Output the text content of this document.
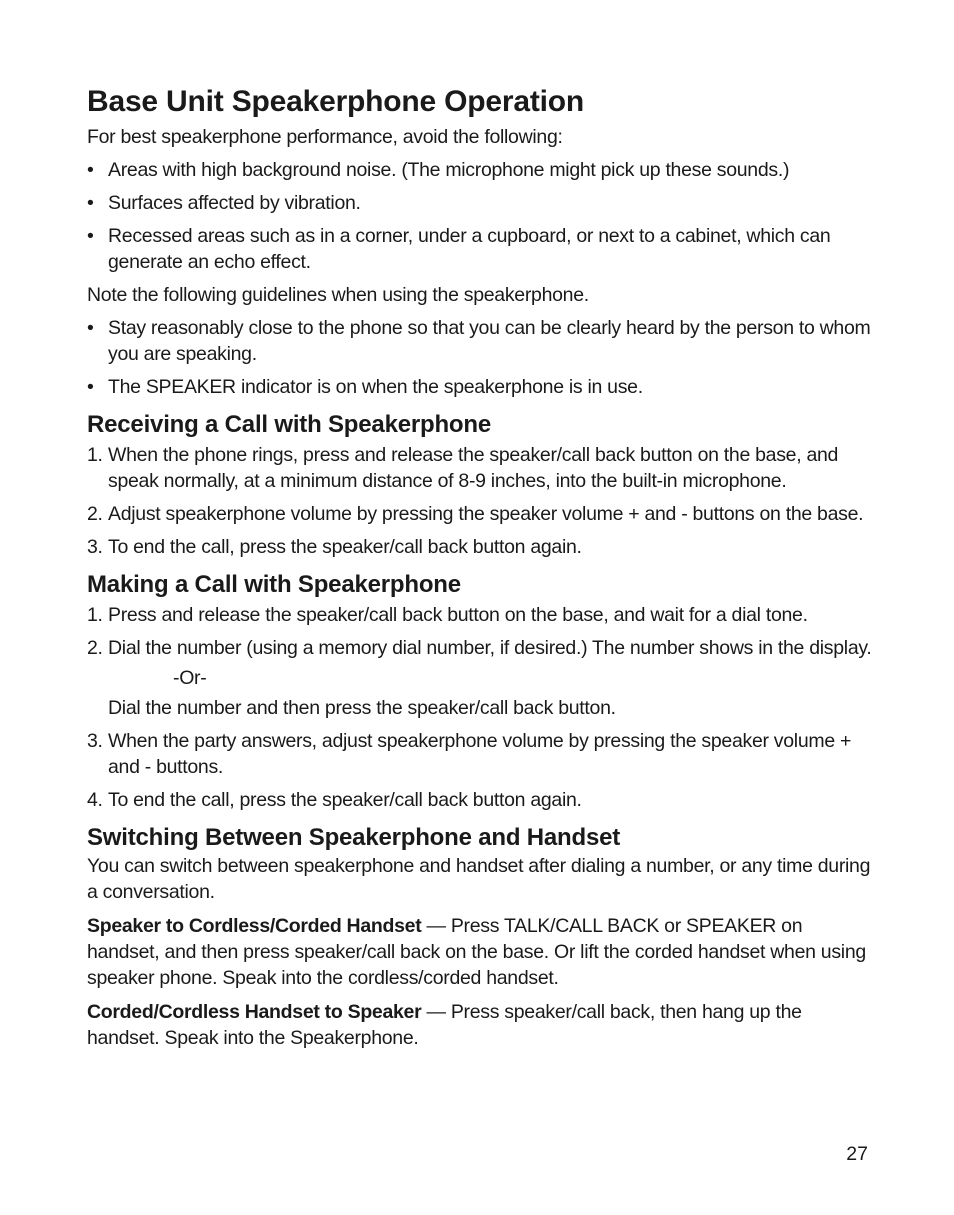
Base Unit Speakerphone Operation

For best speakerphone performance, avoid the following:

• Areas with high background noise. (The microphone might pick up these sounds.)
• Surfaces affected by vibration.
• Recessed areas such as in a corner, under a cupboard, or next to a cabinet, which can generate an echo effect.

Note the following guidelines when using the speakerphone.

• Stay reasonably close to the phone so that you can be clearly heard by the person to whom you are speaking.
• The SPEAKER indicator is on when the speakerphone is in use.
Receiving a Call with Speakerphone
1. When the phone rings, press and release the speaker/call back button on the base, and speak normally, at a minimum distance of 8-9 inches, into the built-in microphone.
2. Adjust speakerphone volume by pressing the speaker volume + and - buttons on the base.
3. To end the call, press the speaker/call back button again.
Making a Call with Speakerphone
1. Press and release the speaker/call back button on the base, and wait for a dial tone.
2. Dial the number (using a memory dial number, if desired.) The number shows in the display.
-Or-
Dial the number and then press the speaker/call back button.
3. When the party answers, adjust speakerphone volume by pressing the speaker volume + and - buttons.
4. To end the call, press the speaker/call back button again.
Switching Between Speakerphone and Handset

You can switch between speakerphone and handset after dialing a number, or any time during a conversation.

Speaker to Cordless/Corded Handset — Press TALK/CALL BACK or SPEAKER on handset, and then press speaker/call back on the base. Or lift the corded handset when using speaker phone. Speak into the cordless/corded handset.

Corded/Cordless Handset to Speaker — Press speaker/call back, then hang up the handset. Speak into the Speakerphone.

27
